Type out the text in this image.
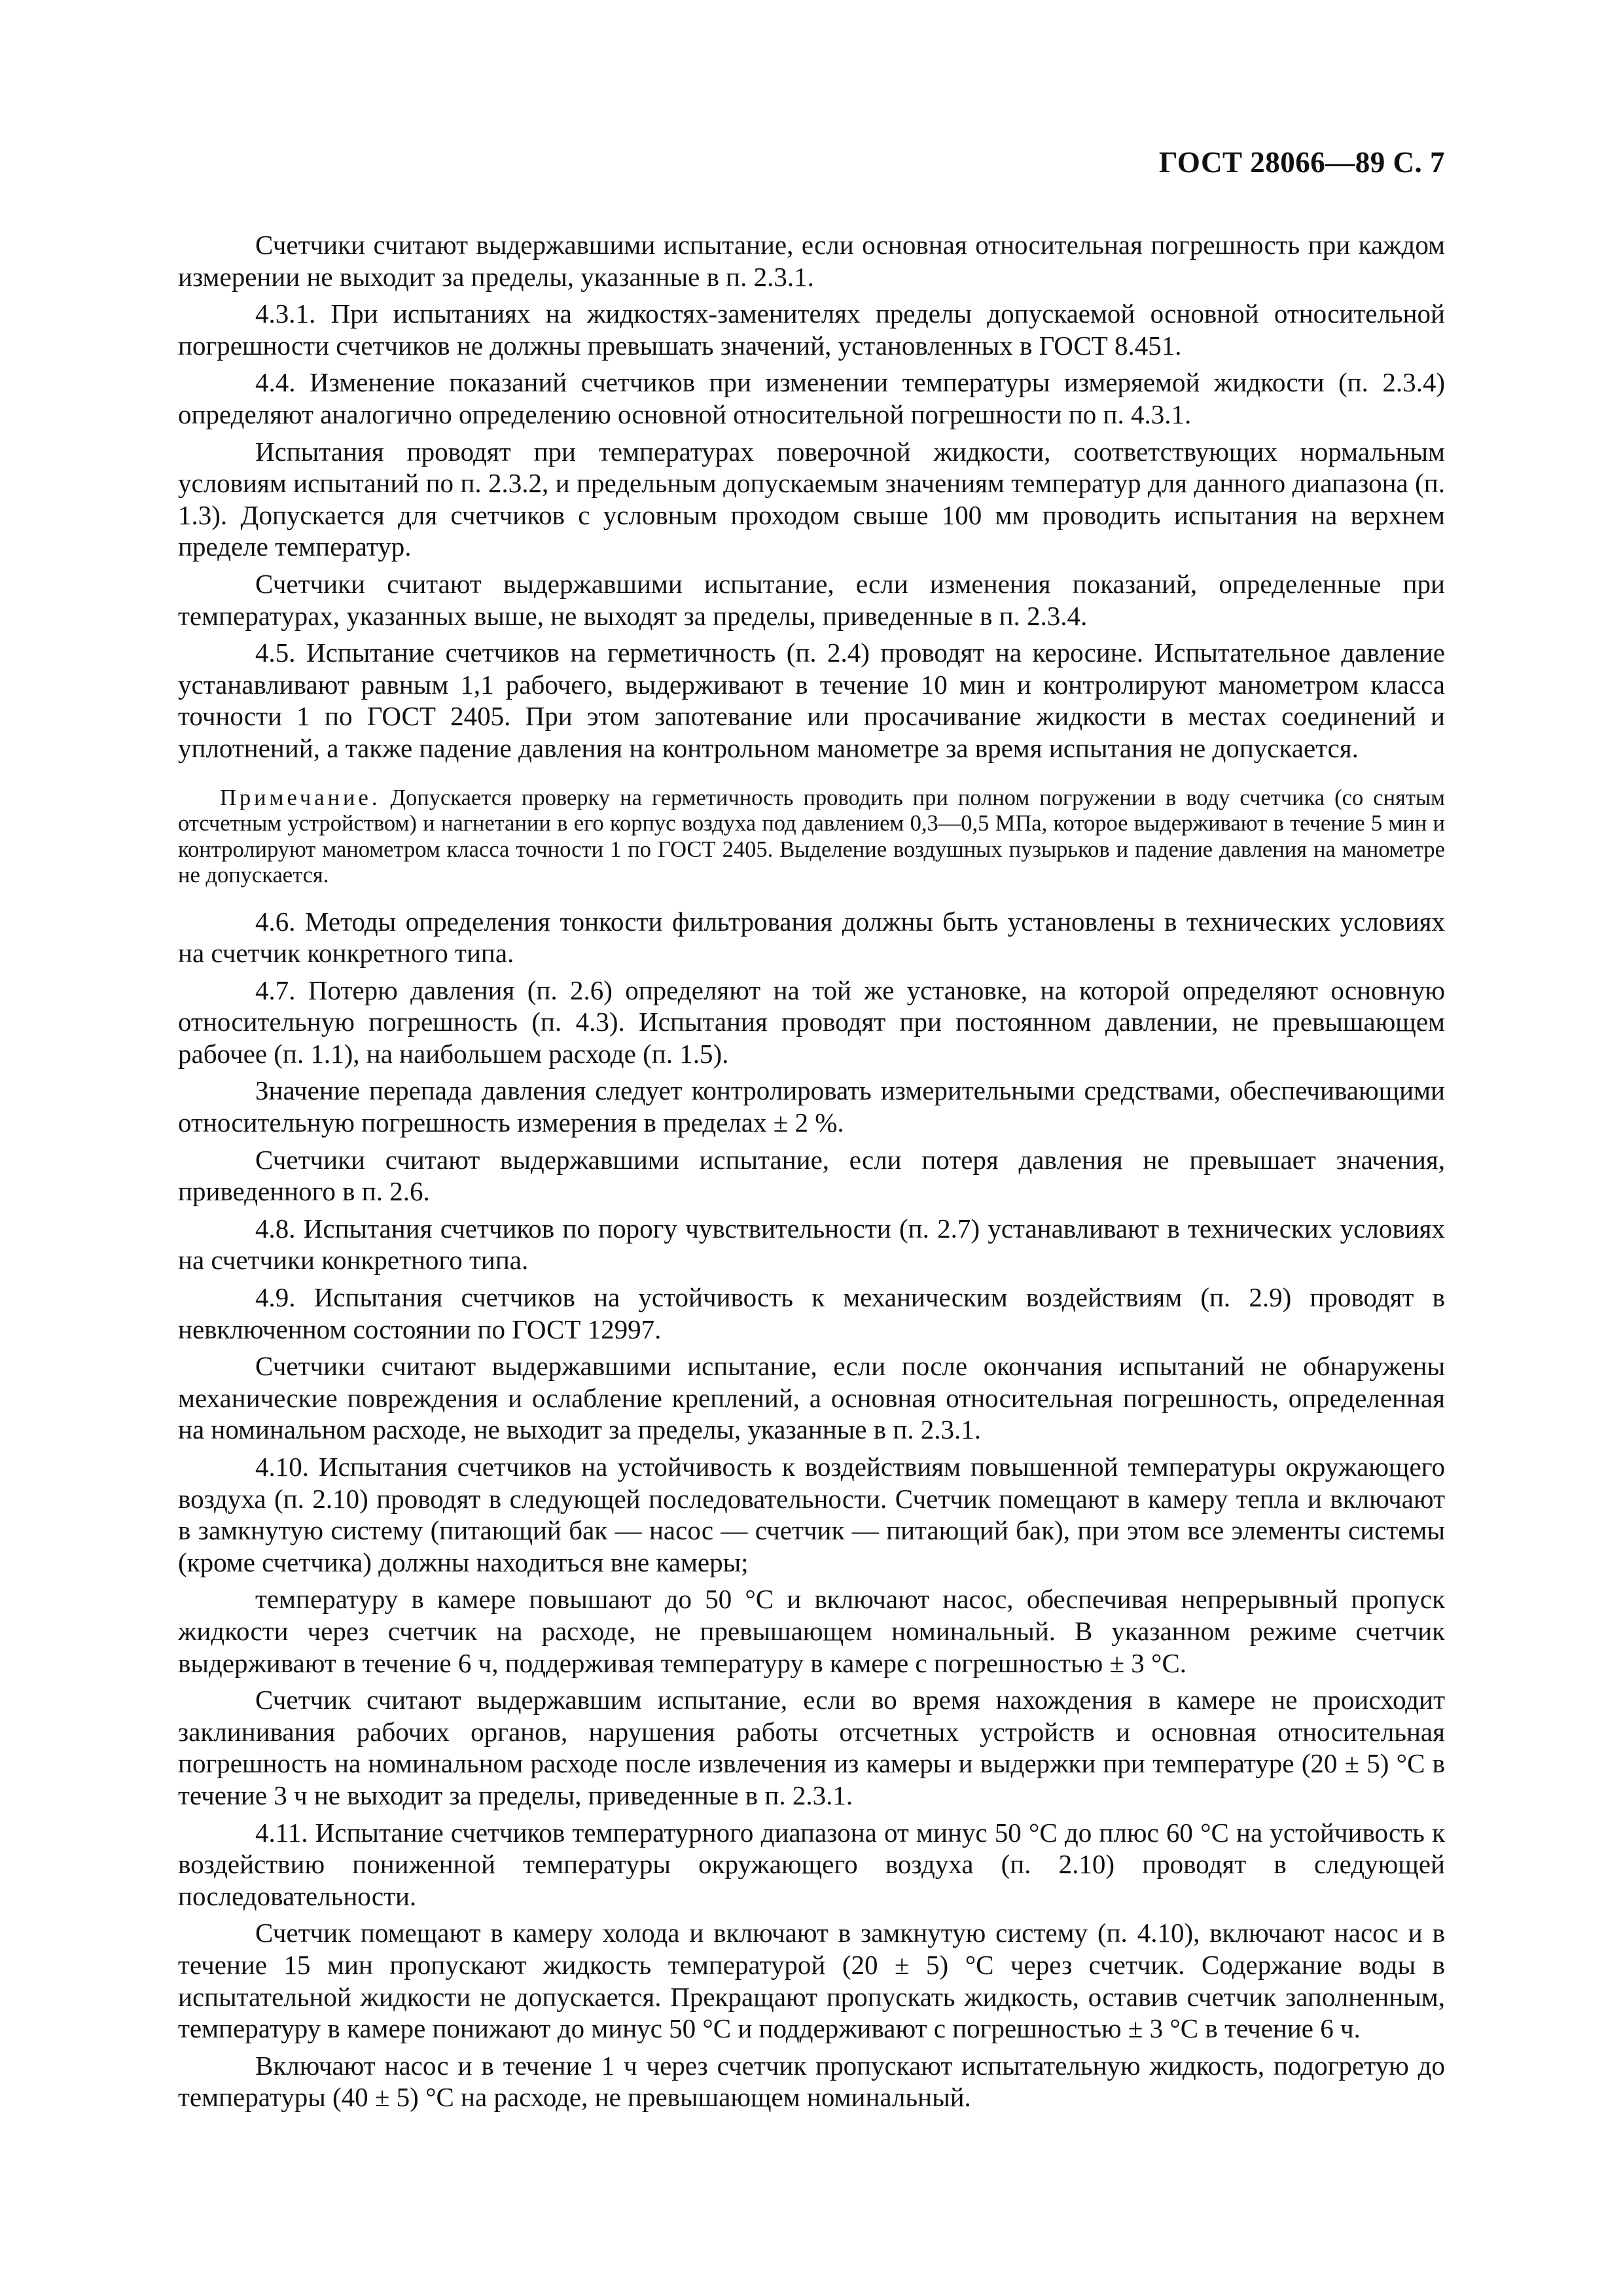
ГОСТ 28066—89 С. 7

Счетчики считают выдержавшими испытание, если основная относительная погрешность при каждом измерении не выходит за пределы, указанные в п. 2.3.1.

4.3.1. При испытаниях на жидкостях-заменителях пределы допускаемой основной относительной погрешности счетчиков не должны превышать значений, установленных в ГОСТ 8.451.

4.4. Изменение показаний счетчиков при изменении температуры измеряемой жидкости (п. 2.3.4) определяют аналогично определению основной относительной погрешности по п. 4.3.1.

Испытания проводят при температурах поверочной жидкости, соответствующих нормальным условиям испытаний по п. 2.3.2, и предельным допускаемым значениям температур для данного диапазона (п. 1.3). Допускается для счетчиков с условным проходом свыше 100 мм проводить испытания на верхнем пределе температур.

Счетчики считают выдержавшими испытание, если изменения показаний, определенные при температурах, указанных выше, не выходят за пределы, приведенные в п. 2.3.4.

4.5. Испытание счетчиков на герметичность (п. 2.4) проводят на керосине. Испытательное давление устанавливают равным 1,1 рабочего, выдерживают в течение 10 мин и контролируют манометром класса точности 1 по ГОСТ 2405. При этом запотевание или просачивание жидкости в местах соединений и уплотнений, а также падение давления на контрольном манометре за время испытания не допускается.

Примечание. Допускается проверку на герметичность проводить при полном погружении в воду счетчика (со снятым отсчетным устройством) и нагнетании в его корпус воздуха под давлением 0,3—0,5 МПа, которое выдерживают в течение 5 мин и контролируют манометром класса точности 1 по ГОСТ 2405. Выделение воздушных пузырьков и падение давления на манометре не допускается.

4.6. Методы определения тонкости фильтрования должны быть установлены в технических условиях на счетчик конкретного типа.

4.7. Потерю давления (п. 2.6) определяют на той же установке, на которой определяют основную относительную погрешность (п. 4.3). Испытания проводят при постоянном давлении, не превышающем рабочее (п. 1.1), на наибольшем расходе (п. 1.5).

Значение перепада давления следует контролировать измерительными средствами, обеспечивающими относительную погрешность измерения в пределах ± 2 %.

Счетчики считают выдержавшими испытание, если потеря давления не превышает значения, приведенного в п. 2.6.

4.8. Испытания счетчиков по порогу чувствительности (п. 2.7) устанавливают в технических условиях на счетчики конкретного типа.

4.9. Испытания счетчиков на устойчивость к механическим воздействиям (п. 2.9) проводят в невключенном состоянии по ГОСТ 12997.

Счетчики считают выдержавшими испытание, если после окончания испытаний не обнаружены механические повреждения и ослабление креплений, а основная относительная погрешность, определенная на номинальном расходе, не выходит за пределы, указанные в п. 2.3.1.

4.10. Испытания счетчиков на устойчивость к воздействиям повышенной температуры окружающего воздуха (п. 2.10) проводят в следующей последовательности. Счетчик помещают в камеру тепла и включают в замкнутую систему (питающий бак — насос — счетчик — питающий бак), при этом все элементы системы (кроме счетчика) должны находиться вне камеры;

температуру в камере повышают до 50 °С и включают насос, обеспечивая непрерывный пропуск жидкости через счетчик на расходе, не превышающем номинальный. В указанном режиме счетчик выдерживают в течение 6 ч, поддерживая температуру в камере с погрешностью ± 3 °С.

Счетчик считают выдержавшим испытание, если во время нахождения в камере не происходит заклинивания рабочих органов, нарушения работы отсчетных устройств и основная относительная погрешность на номинальном расходе после извлечения из камеры и выдержки при температуре (20 ± 5) °С в течение 3 ч не выходит за пределы, приведенные в п. 2.3.1.

4.11. Испытание счетчиков температурного диапазона от минус 50 °С до плюс 60 °С на устойчивость к воздействию пониженной температуры окружающего воздуха (п. 2.10) проводят в следующей последовательности.

Счетчик помещают в камеру холода и включают в замкнутую систему (п. 4.10), включают насос и в течение 15 мин пропускают жидкость температурой (20 ± 5) °С через счетчик. Содержание воды в испытательной жидкости не допускается. Прекращают пропускать жидкость, оставив счетчик заполненным, температуру в камере понижают до минус 50 °С и поддерживают с погрешностью ± 3 °С в течение 6 ч.

Включают насос и в течение 1 ч через счетчик пропускают испытательную жидкость, подогретую до температуры (40 ± 5) °С на расходе, не превышающем номинальный.
